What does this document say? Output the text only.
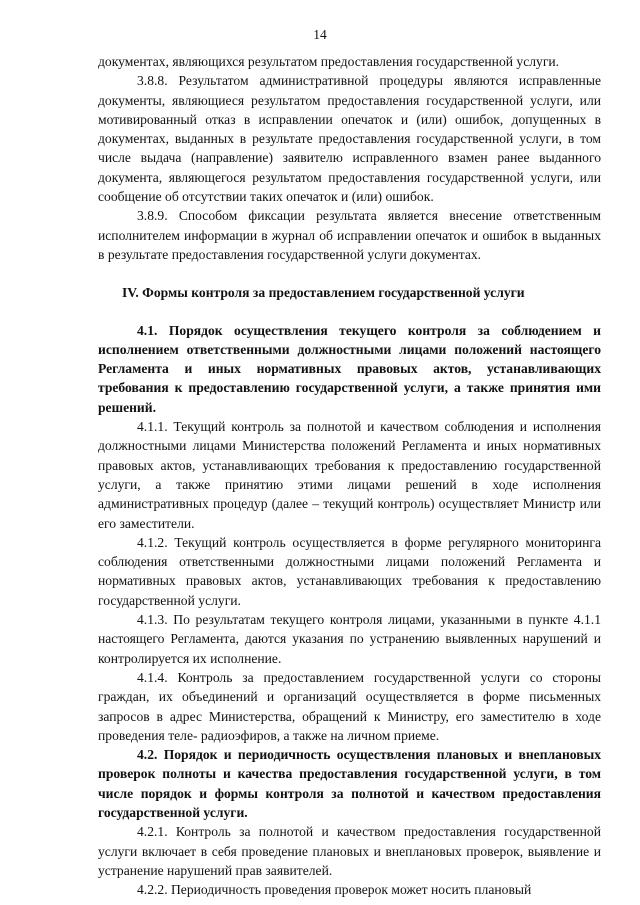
14

документах, являющихся результатом предоставления государственной услуги.

3.8.8. Результатом административной процедуры являются исправленные документы, являющиеся результатом предоставления государственной услуги, или мотивированный отказ в исправлении опечаток и (или) ошибок, допущенных в документах, выданных в результате предоставления государственной услуги, в том числе выдача (направление) заявителю исправленного взамен ранее выданного документа, являющегося результатом предоставления государственной услуги, или сообщение об отсутствии таких опечаток и (или) ошибок.

3.8.9. Способом фиксации результата является внесение ответственным исполнителем информации в журнал об исправлении опечаток и ошибок в выданных в результате предоставления государственной услуги документах.

IV. Формы контроля за предоставлением государственной услуги

4.1. Порядок осуществления текущего контроля за соблюдением и исполнением ответственными должностными лицами положений настоящего Регламента и иных нормативных правовых актов, устанавливающих требования к предоставлению государственной услуги, а также принятия ими решений.

4.1.1. Текущий контроль за полнотой и качеством соблюдения и исполнения должностными лицами Министерства положений Регламента и иных нормативных правовых актов, устанавливающих требования к предоставлению государственной услуги, а также принятию этими лицами решений в ходе исполнения административных процедур (далее – текущий контроль) осуществляет Министр или его заместители.

4.1.2. Текущий контроль осуществляется в форме регулярного мониторинга соблюдения ответственными должностными лицами положений Регламента и нормативных правовых актов, устанавливающих требования к предоставлению государственной услуги.

4.1.3. По результатам текущего контроля лицами, указанными в пункте 4.1.1 настоящего Регламента, даются указания по устранению выявленных нарушений и контролируется их исполнение.

4.1.4. Контроль за предоставлением государственной услуги со стороны граждан, их объединений и организаций осуществляется в форме письменных запросов в адрес Министерства, обращений к Министру, его заместителю в ходе проведения теле- радиоэфиров, а также на личном приеме.

4.2. Порядок и периодичность осуществления плановых и внеплановых проверок полноты и качества предоставления государственной услуги, в том числе порядок и формы контроля за полнотой и качеством предоставления государственной услуги.

4.2.1. Контроль за полнотой и качеством предоставления государственной услуги включает в себя проведение плановых и внеплановых проверок, выявление и устранение нарушений прав заявителей.

4.2.2. Периодичность проведения проверок может носить плановый
